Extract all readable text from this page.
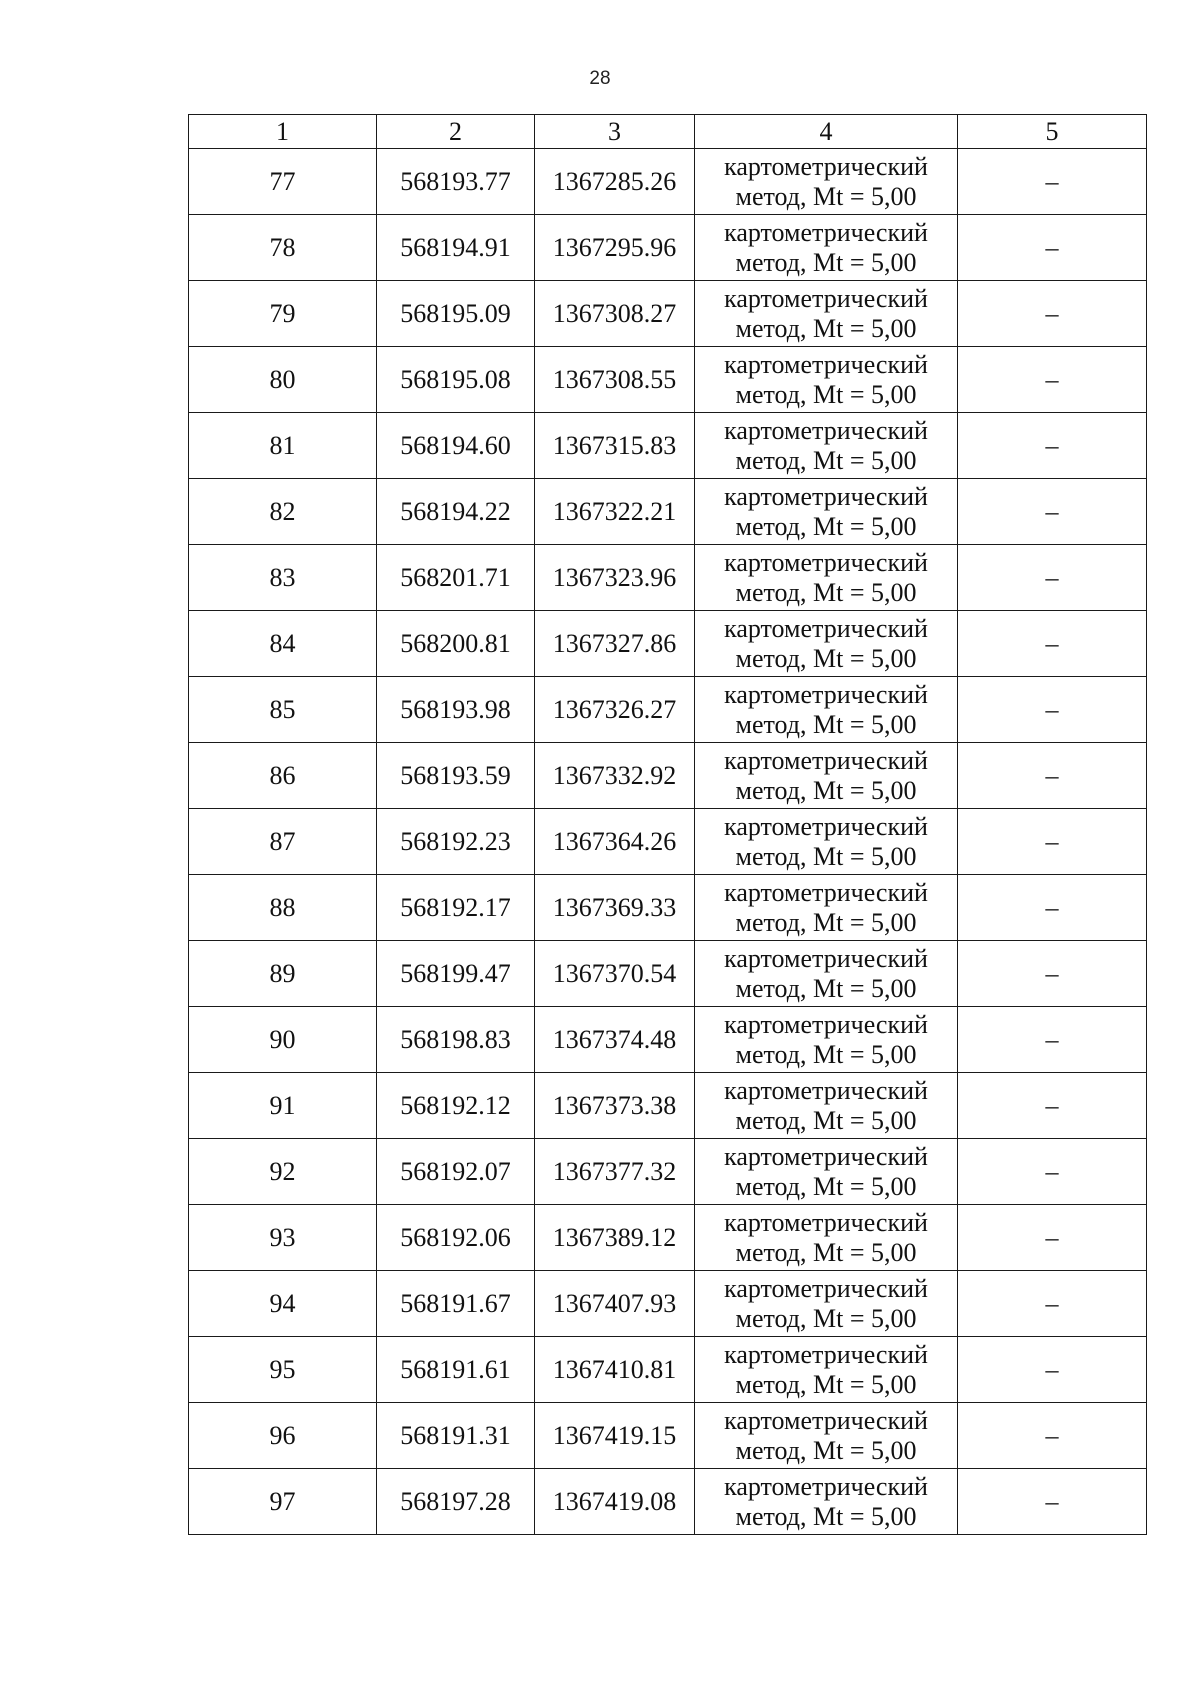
28
1	2	3	4	5
77	568193.77	1367285.26	картометрический
метод, Mt = 5,00	–
78	568194.91	1367295.96	картометрический
метод, Mt = 5,00	–
79	568195.09	1367308.27	картометрический
метод, Mt = 5,00	–
80	568195.08	1367308.55	картометрический
метод, Mt = 5,00	–
81	568194.60	1367315.83	картометрический
метод, Mt = 5,00	–
82	568194.22	1367322.21	картометрический
метод, Mt = 5,00	–
83	568201.71	1367323.96	картометрический
метод, Mt = 5,00	–
84	568200.81	1367327.86	картометрический
метод, Mt = 5,00	–
85	568193.98	1367326.27	картометрический
метод, Mt = 5,00	–
86	568193.59	1367332.92	картометрический
метод, Mt = 5,00	–
87	568192.23	1367364.26	картометрический
метод, Mt = 5,00	–
88	568192.17	1367369.33	картометрический
метод, Mt = 5,00	–
89	568199.47	1367370.54	картометрический
метод, Mt = 5,00	–
90	568198.83	1367374.48	картометрический
метод, Mt = 5,00	–
91	568192.12	1367373.38	картометрический
метод, Mt = 5,00	–
92	568192.07	1367377.32	картометрический
метод, Mt = 5,00	–
93	568192.06	1367389.12	картометрический
метод, Mt = 5,00	–
94	568191.67	1367407.93	картометрический
метод, Mt = 5,00	–
95	568191.61	1367410.81	картометрический
метод, Mt = 5,00	–
96	568191.31	1367419.15	картометрический
метод, Mt = 5,00	–
97	568197.28	1367419.08	картометрический
метод, Mt = 5,00	–
